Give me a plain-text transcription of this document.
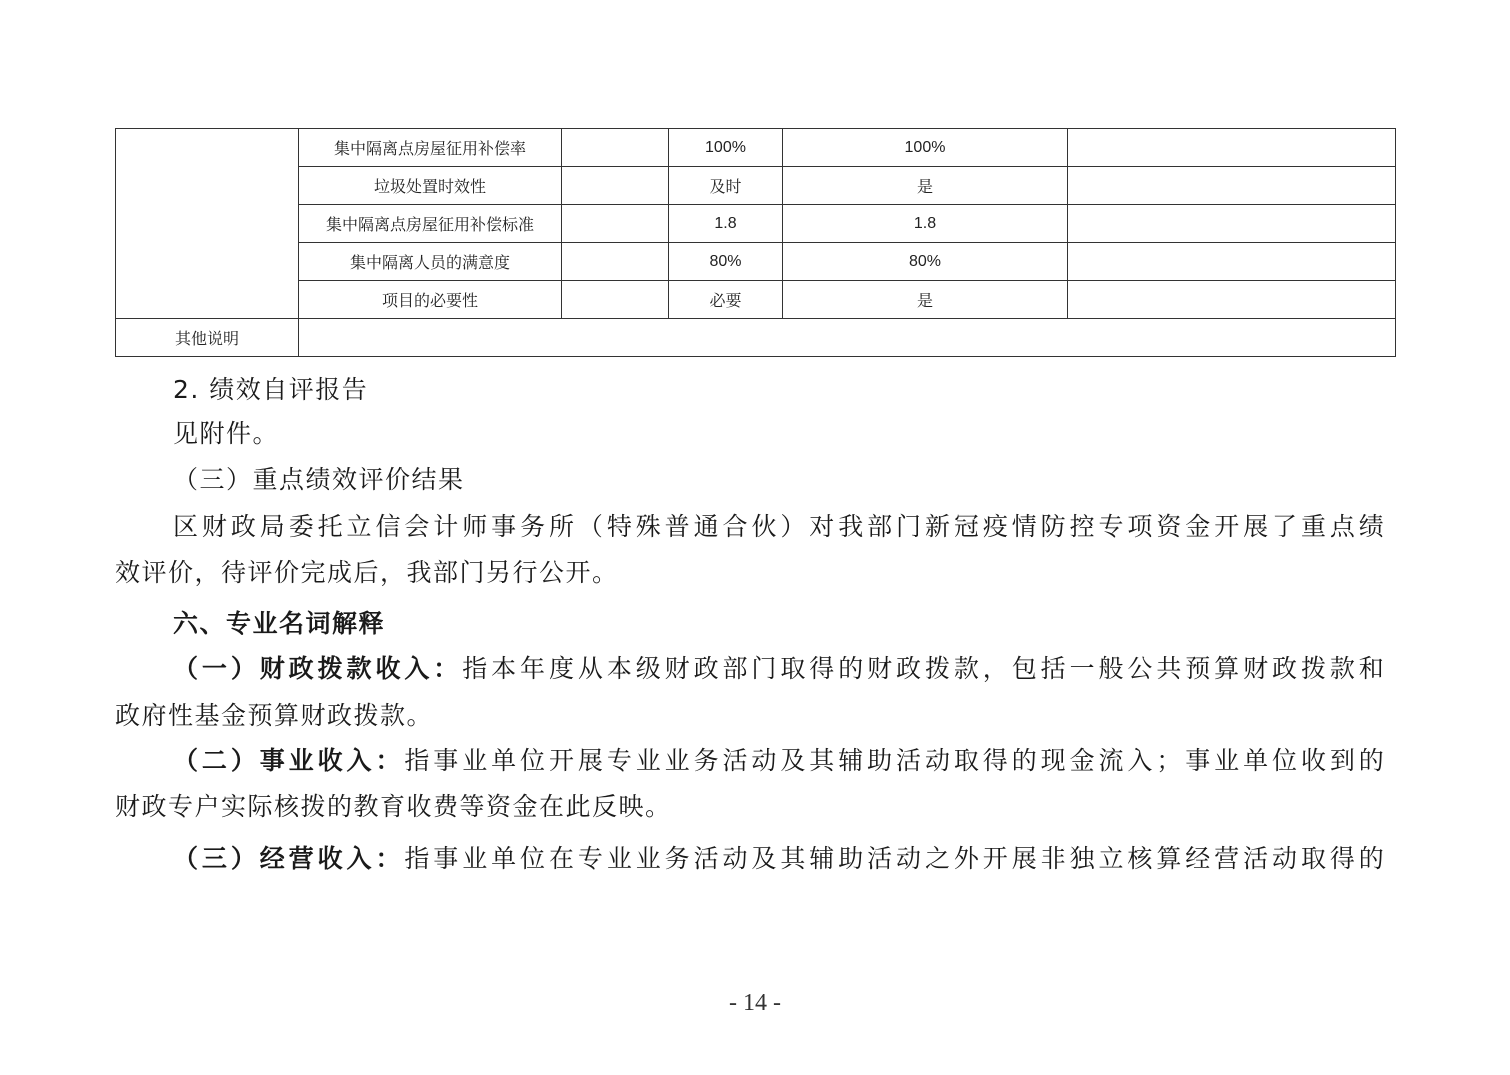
	集中隔离点房屋征用补偿率		100%	100%	
	垃圾处置时效性		及时	是	
	集中隔离点房屋征用补偿标准		1.8	1.8	
	集中隔离人员的满意度		80%	80%	
	项目的必要性		必要	是	
其他说明					
2. 绩效自评报告
见附件。
（三）重点绩效评价结果
区财政局委托立信会计师事务所（特殊普通合伙）对我部门新冠疫情防控专项资金开展了重点绩
效评价，待评价完成后，我部门另行公开。
六、专业名词解释
（一）财政拨款收入：指本年度从本级财政部门取得的财政拨款，包括一般公共预算财政拨款和
政府性基金预算财政拨款。
（二）事业收入：指事业单位开展专业业务活动及其辅助活动取得的现金流入；事业单位收到的
财政专户实际核拨的教育收费等资金在此反映。
（三）经营收入：指事业单位在专业业务活动及其辅助活动之外开展非独立核算经营活动取得的
- 14 -
